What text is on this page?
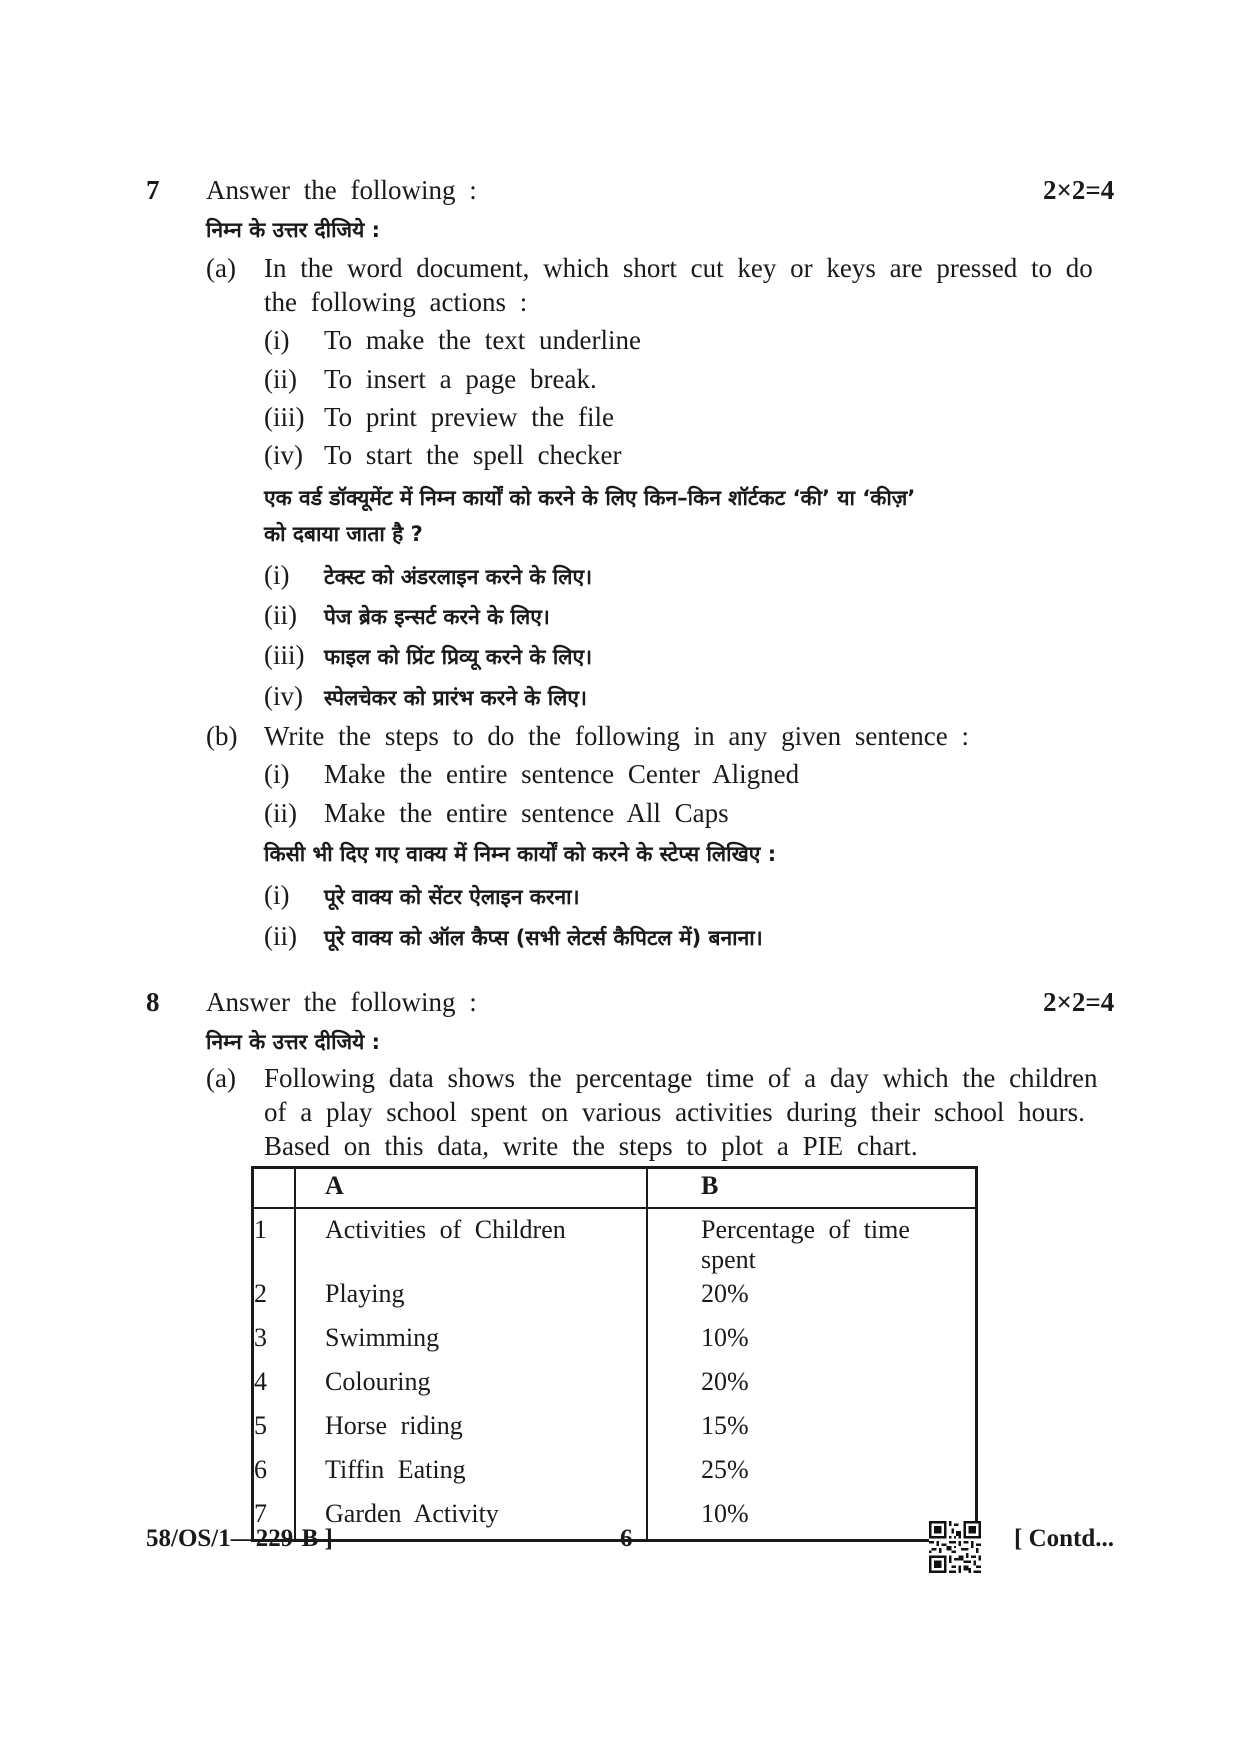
7 Answer the following :	2×2=4
निम्न के उत्तर दीजिये :
(a) In the word document, which short cut key or keys are pressed to do
the following actions :
(i) To make the text underline
(ii) To insert a page break.
(iii) To print preview the file
(iv) To start the spell checker
एक वर्ड डॉक्यूमेंट में निम्न कार्यों को करने के लिए किन–किन शॉर्टकट ‘की’ या ‘कीज़’
को दबाया जाता है ?
(i) टेक्स्ट को अंडरलाइन करने के लिए।
(ii) पेज ब्रेक इन्सर्ट करने के लिए।
(iii) फाइल को प्रिंट प्रिव्यू करने के लिए।
(iv) स्पेलचेकर को प्रारंभ करने के लिए।
(b) Write the steps to do the following in any given sentence :
(i) Make the entire sentence Center Aligned
(ii) Make the entire sentence All Caps
किसी भी दिए गए वाक्य में निम्न कार्यों को करने के स्टेप्स लिखिए :
(i) पूरे वाक्य को सेंटर ऐलाइन करना।
(ii) पूरे वाक्य को ऑल कैप्स (सभी लेटर्स कैपिटल में) बनाना।
8 Answer the following :	2×2=4
निम्न के उत्तर दीजिये :
(a) Following data shows the percentage time of a day which the children
of a play school spent on various activities during their school hours.
Based on this data, write the steps to plot a PIE chart.
	A	B
1	Activities of Children	Percentage of time spent
2	Playing	20%
3	Swimming	10%
4	Colouring	20%
5	Horse riding	15%
6	Tiffin Eating	25%
7	Garden Activity	10%
58/OS/1—229-B ]	6	[ Contd...
